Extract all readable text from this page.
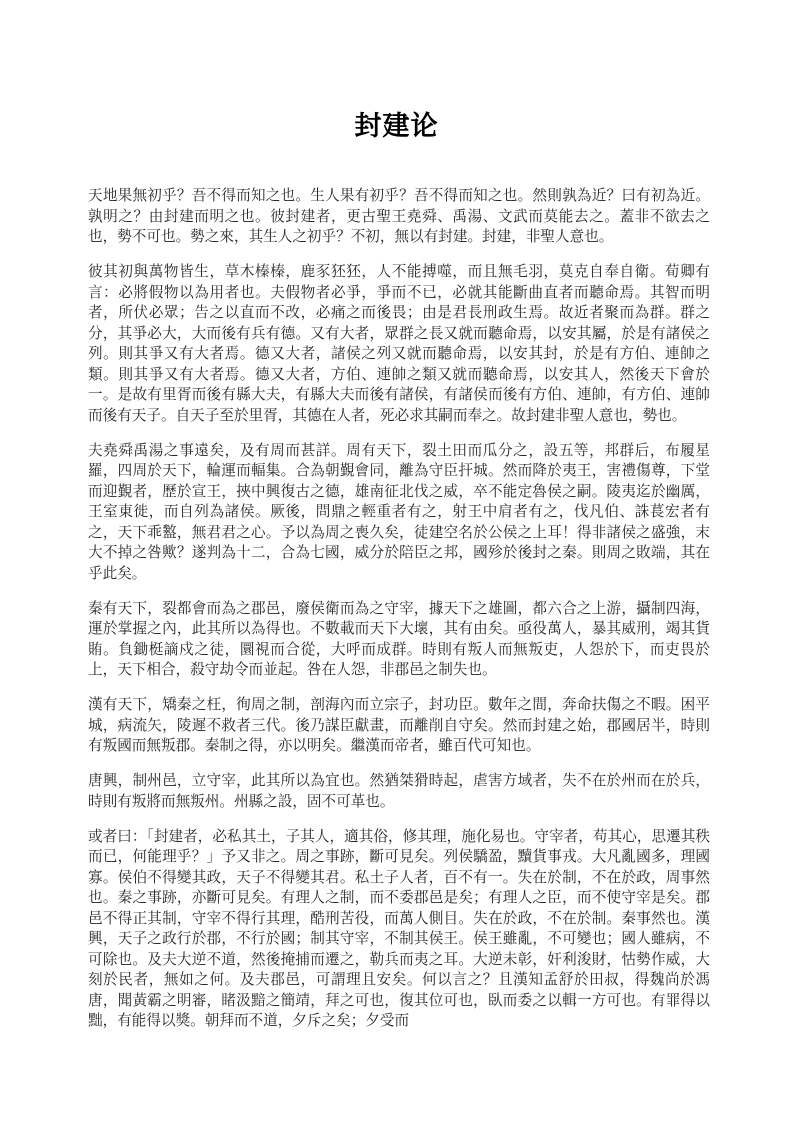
封建论

天地果無初乎？吾不得而知之也。生人果有初乎？吾不得而知之也。然則孰為近？曰有初為近。孰明之？由封建而明之也。彼封建者，更古聖王堯舜、禹湯、文武而莫能去之。蓋非不欲去之也，勢不可也。勢之來，其生人之初乎？不初，無以有封建。封建，非聖人意也。

彼其初與萬物皆生，草木榛榛，鹿豕狉狉，人不能搏噬，而且無毛羽，莫克自奉自衛。荀卿有言：必將假物以為用者也。夫假物者必爭，爭而不已，必就其能斷曲直者而聽命焉。其智而明者，所伏必眾；告之以直而不改，必痛之而後畏；由是君長刑政生焉。故近者聚而為群。群之分，其爭必大，大而後有兵有德。又有大者，眾群之長又就而聽命焉，以安其屬，於是有諸侯之列。則其爭又有大者焉。德又大者，諸侯之列又就而聽命焉，以安其封，於是有方伯、連帥之類。則其爭又有大者焉。德又大者，方伯、連帥之類又就而聽命焉，以安其人，然後天下會於一。是故有里胥而後有縣大夫，有縣大夫而後有諸侯，有諸侯而後有方伯、連帥，有方伯、連帥而後有天子。自天子至於里胥，其德在人者，死必求其嗣而奉之。故封建非聖人意也，勢也。

夫堯舜禹湯之事遠矣，及有周而甚詳。周有天下，裂土田而瓜分之，設五等，邦群后，布履星羅，四周於天下，輪運而輻集。合為朝覲會同，離為守臣扞城。然而降於夷王，害禮傷尊，下堂而迎覲者，歷於宣王，挾中興復古之德，雄南征北伐之威，卒不能定魯侯之嗣。陵夷迄於幽厲，王室東徙，而自列為諸侯。厥後，問鼎之輕重者有之，射王中肩者有之，伐凡伯、誅萇宏者有之，天下乖盭，無君君之心。予以為周之喪久矣，徒建空名於公侯之上耳！得非諸侯之盛強，末大不掉之咎歟？遂判為十二，合為七國，威分於陪臣之邦，國殄於後封之秦。則周之敗端，其在乎此矣。

秦有天下，裂都會而為之郡邑，廢侯衛而為之守宰，據天下之雄圖，都六合之上游，攝制四海，運於掌握之內，此其所以為得也。不數載而天下大壞，其有由矣。亟役萬人，暴其威刑，竭其貨賄。負鋤梃謫戍之徒，圜視而合從，大呼而成群。時則有叛人而無叛吏，人怨於下，而吏畏於上，天下相合，殺守劫令而並起。咎在人怨，非郡邑之制失也。

漢有天下，矯秦之枉，徇周之制，剖海內而立宗子，封功臣。數年之間，奔命扶傷之不暇。困平城，病流矢，陵遲不救者三代。後乃謀臣獻畫，而離削自守矣。然而封建之始，郡國居半，時則有叛國而無叛郡。秦制之得，亦以明矣。繼漢而帝者，雖百代可知也。

唐興，制州邑，立守宰，此其所以為宜也。然猶桀猾時起，虐害方域者，失不在於州而在於兵，時則有叛將而無叛州。州縣之設，固不可革也。

或者曰：「封建者，必私其土，子其人，適其俗，修其理，施化易也。守宰者，苟其心，思遷其秩而已，何能理乎？」予又非之。周之事跡，斷可見矣。列侯驕盈，黷貨事戎。大凡亂國多，理國寡。侯伯不得變其政，天子不得變其君。私土子人者，百不有一。失在於制，不在於政，周事然也。秦之事跡，亦斷可見矣。有理人之制，而不委郡邑是矣；有理人之臣，而不使守宰是矣。郡邑不得正其制，守宰不得行其理，酷刑苦役，而萬人側目。失在於政，不在於制。秦事然也。漢興，天子之政行於郡，不行於國；制其守宰，不制其侯王。侯王雖亂，不可變也；國人雖病，不可除也。及夫大逆不道，然後掩捕而遷之，勒兵而夷之耳。大逆未彰，奸利浚財，怙勢作威，大刻於民者，無如之何。及夫郡邑，可謂理且安矣。何以言之？且漢知孟舒於田叔，得魏尚於馮唐，聞黃霸之明審，睹汲黯之簡靖，拜之可也，復其位可也，臥而委之以輯一方可也。有罪得以黜，有能得以獎。朝拜而不道，夕斥之矣；夕受而
